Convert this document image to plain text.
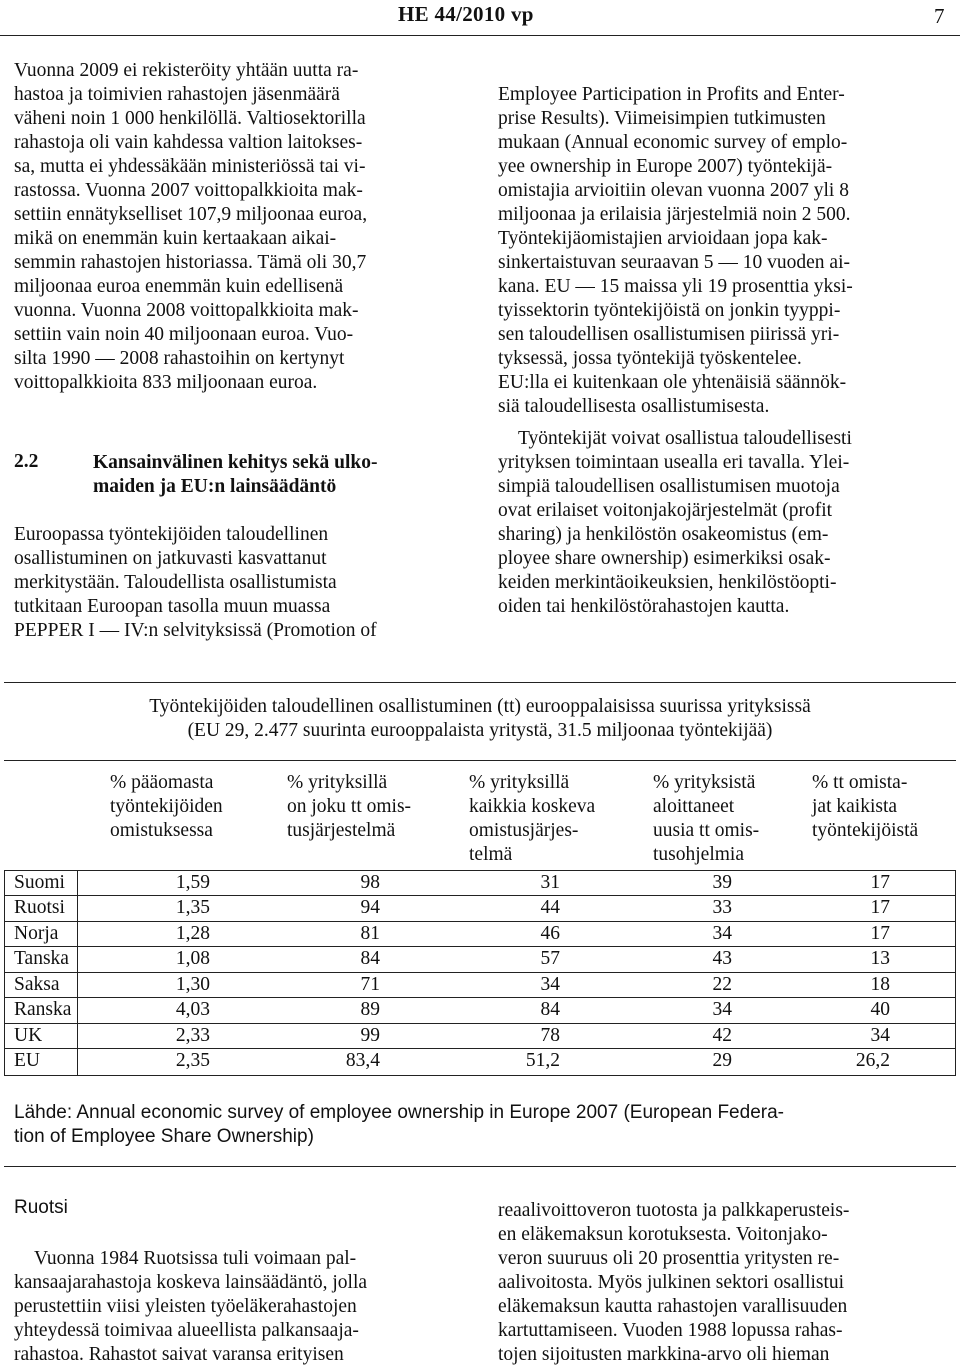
HE 44/2010 vp	7
Vuonna 2009 ei rekisteröity yhtään uutta ra-
hastoa ja toimivien rahastojen jäsenmäärä
väheni noin 1 000 henkilöllä. Valtiosektorilla
rahastoja oli vain kahdessa valtion laitokses-
sa, mutta ei yhdessäkään ministeriössä tai vi-
rastossa. Vuonna 2007 voittopalkkioita mak-
settiin ennätykselliset 107,9 miljoonaa euroa,
mikä on enemmän kuin kertaakaan aikai-
semmin rahastojen historiassa. Tämä oli 30,7
miljoonaa euroa enemmän kuin edellisenä
vuonna. Vuonna 2008 voittopalkkioita mak-
settiin vain noin 40 miljoonaan euroa. Vuo-
silta 1990 — 2008 rahastoihin on kertynyt
voittopalkkioita 833 miljoonaan euroa.
2.2	Kansainvälinen kehitys sekä ulko-
maiden ja EU:n lainsäädäntö
Euroopassa työntekijöiden taloudellinen
osallistuminen on jatkuvasti kasvattanut
merkitystään. Taloudellista osallistumista
tutkitaan Euroopan tasolla muun muassa
PEPPER I — IV:n selvityksissä (Promotion of
Employee Participation in Profits and Enter-
prise Results). Viimeisimpien tutkimusten
mukaan (Annual economic survey of emplo-
yee ownership in Europe 2007) työntekijä-
omistajia arvioitiin olevan vuonna 2007 yli 8
miljoonaa ja erilaisia järjestelmiä noin 2 500.
Työntekijäomistajien arvioidaan jopa kak-
sinkertaistuvan seuraavan 5 — 10 vuoden ai-
kana. EU — 15 maissa yli 19 prosenttia yksi-
tyissektorin työntekijöistä on jonkin tyyppi-
sen taloudellisen osallistumisen piirissä yri-
tyksessä, jossa työntekijä työskentelee.
EU:lla ei kuitenkaan ole yhtenäisiä säännök-
siä taloudellisesta osallistumisesta.
Työntekijät voivat osallistua taloudellisesti
yrityksen toimintaan usealla eri tavalla. Ylei-
simpiä taloudellisen osallistumisen muotoja
ovat erilaiset voitonjakojärjestelmät (profit
sharing) ja henkilöstön osakeomistus (em-
ployee share ownership) esimerkiksi osak-
keiden merkintäoikeuksien, henkilöstöopti-
oiden tai henkilöstörahastojen kautta.
Työntekijöiden taloudellinen osallistuminen (tt) eurooppalaisissa suurissa yrityksissä
(EU 29, 2.477 suurinta eurooppalaista yritystä, 31.5 miljoonaa työntekijää)
% pääomasta
työntekijöiden
omistuksessa
% yrityksillä
on joku tt omis-
tusjärjestelmä
% yrityksillä
kaikkia koskeva
omistusjärjes-
telmä
% yrityksistä
aloittaneet
uusia tt omis-
tusohjelmia
% tt omista-
jat kaikista
työntekijöistä
Suomi	1,59	98	31	39	17
Ruotsi	1,35	94	44	33	17
Norja	1,28	81	46	34	17
Tanska	1,08	84	57	43	13
Saksa	1,30	71	34	22	18
Ranska	4,03	89	84	34	40
UK	2,33	99	78	42	34
EU	2,35	83,4	51,2	29	26,2
Lähde: Annual economic survey of employee ownership in Europe 2007 (European Federa-
tion of Employee Share Ownership)
Ruotsi
Vuonna 1984 Ruotsissa tuli voimaan pal-
kansaajarahastoja koskeva lainsäädäntö, jolla
perustettiin viisi yleisten työeläkerahastojen
yhteydessä toimivaa alueellista palkansaaja-
rahastoa. Rahastot saivat varansa erityisen
reaalivoittoveron tuotosta ja palkkaperusteis-
en eläkemaksun korotuksesta. Voitonjako-
veron suuruus oli 20 prosenttia yritysten re-
aalivoitosta. Myös julkinen sektori osallistui
eläkemaksun kautta rahastojen varallisuuden
kartuttamiseen. Vuoden 1988 lopussa rahas-
tojen sijoitusten markkina-arvo oli hieman
